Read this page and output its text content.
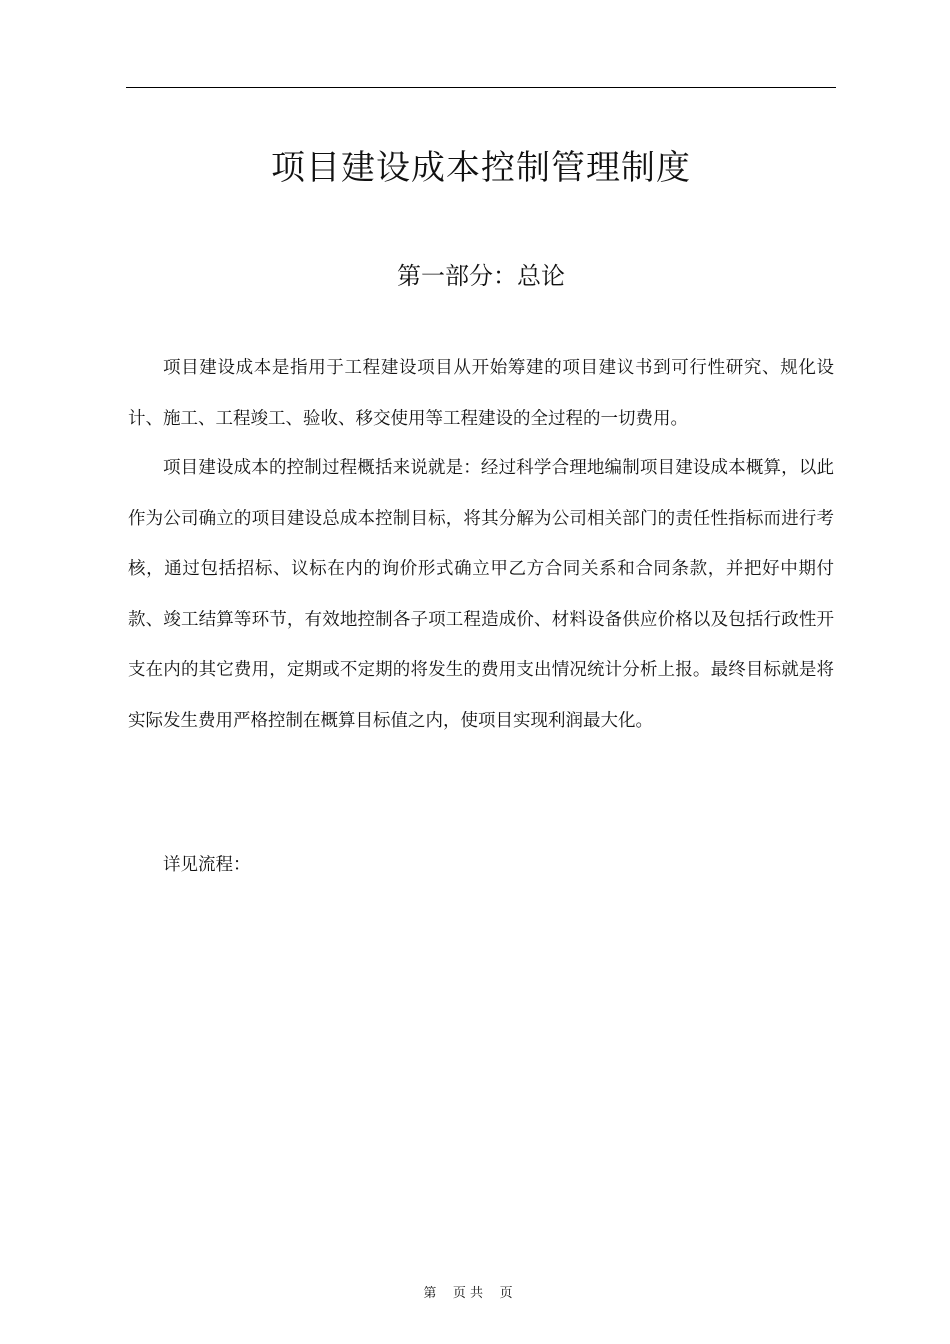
项目建设成本控制管理制度
第一部分：总论

项目建设成本是指用于工程建设项目从开始筹建的项目建议书到可行性研究、规化设计、施工、工程竣工、验收、移交使用等工程建设的全过程的一切费用。

项目建设成本的控制过程概括来说就是：经过科学合理地编制项目建设成本概算，以此作为公司确立的项目建设总成本控制目标，将其分解为公司相关部门的责任性指标而进行考核，通过包括招标、议标在内的询价形式确立甲乙方合同关系和合同条款，并把好中期付款、竣工结算等环节，有效地控制各子项工程造成价、材料设备供应价格以及包括行政性开支在内的其它费用，定期或不定期的将发生的费用支出情况统计分析上报。最终目标就是将实际发生费用严格控制在概算目标值之内，使项目实现利润最大化。

详见流程：

第    页 共    页
